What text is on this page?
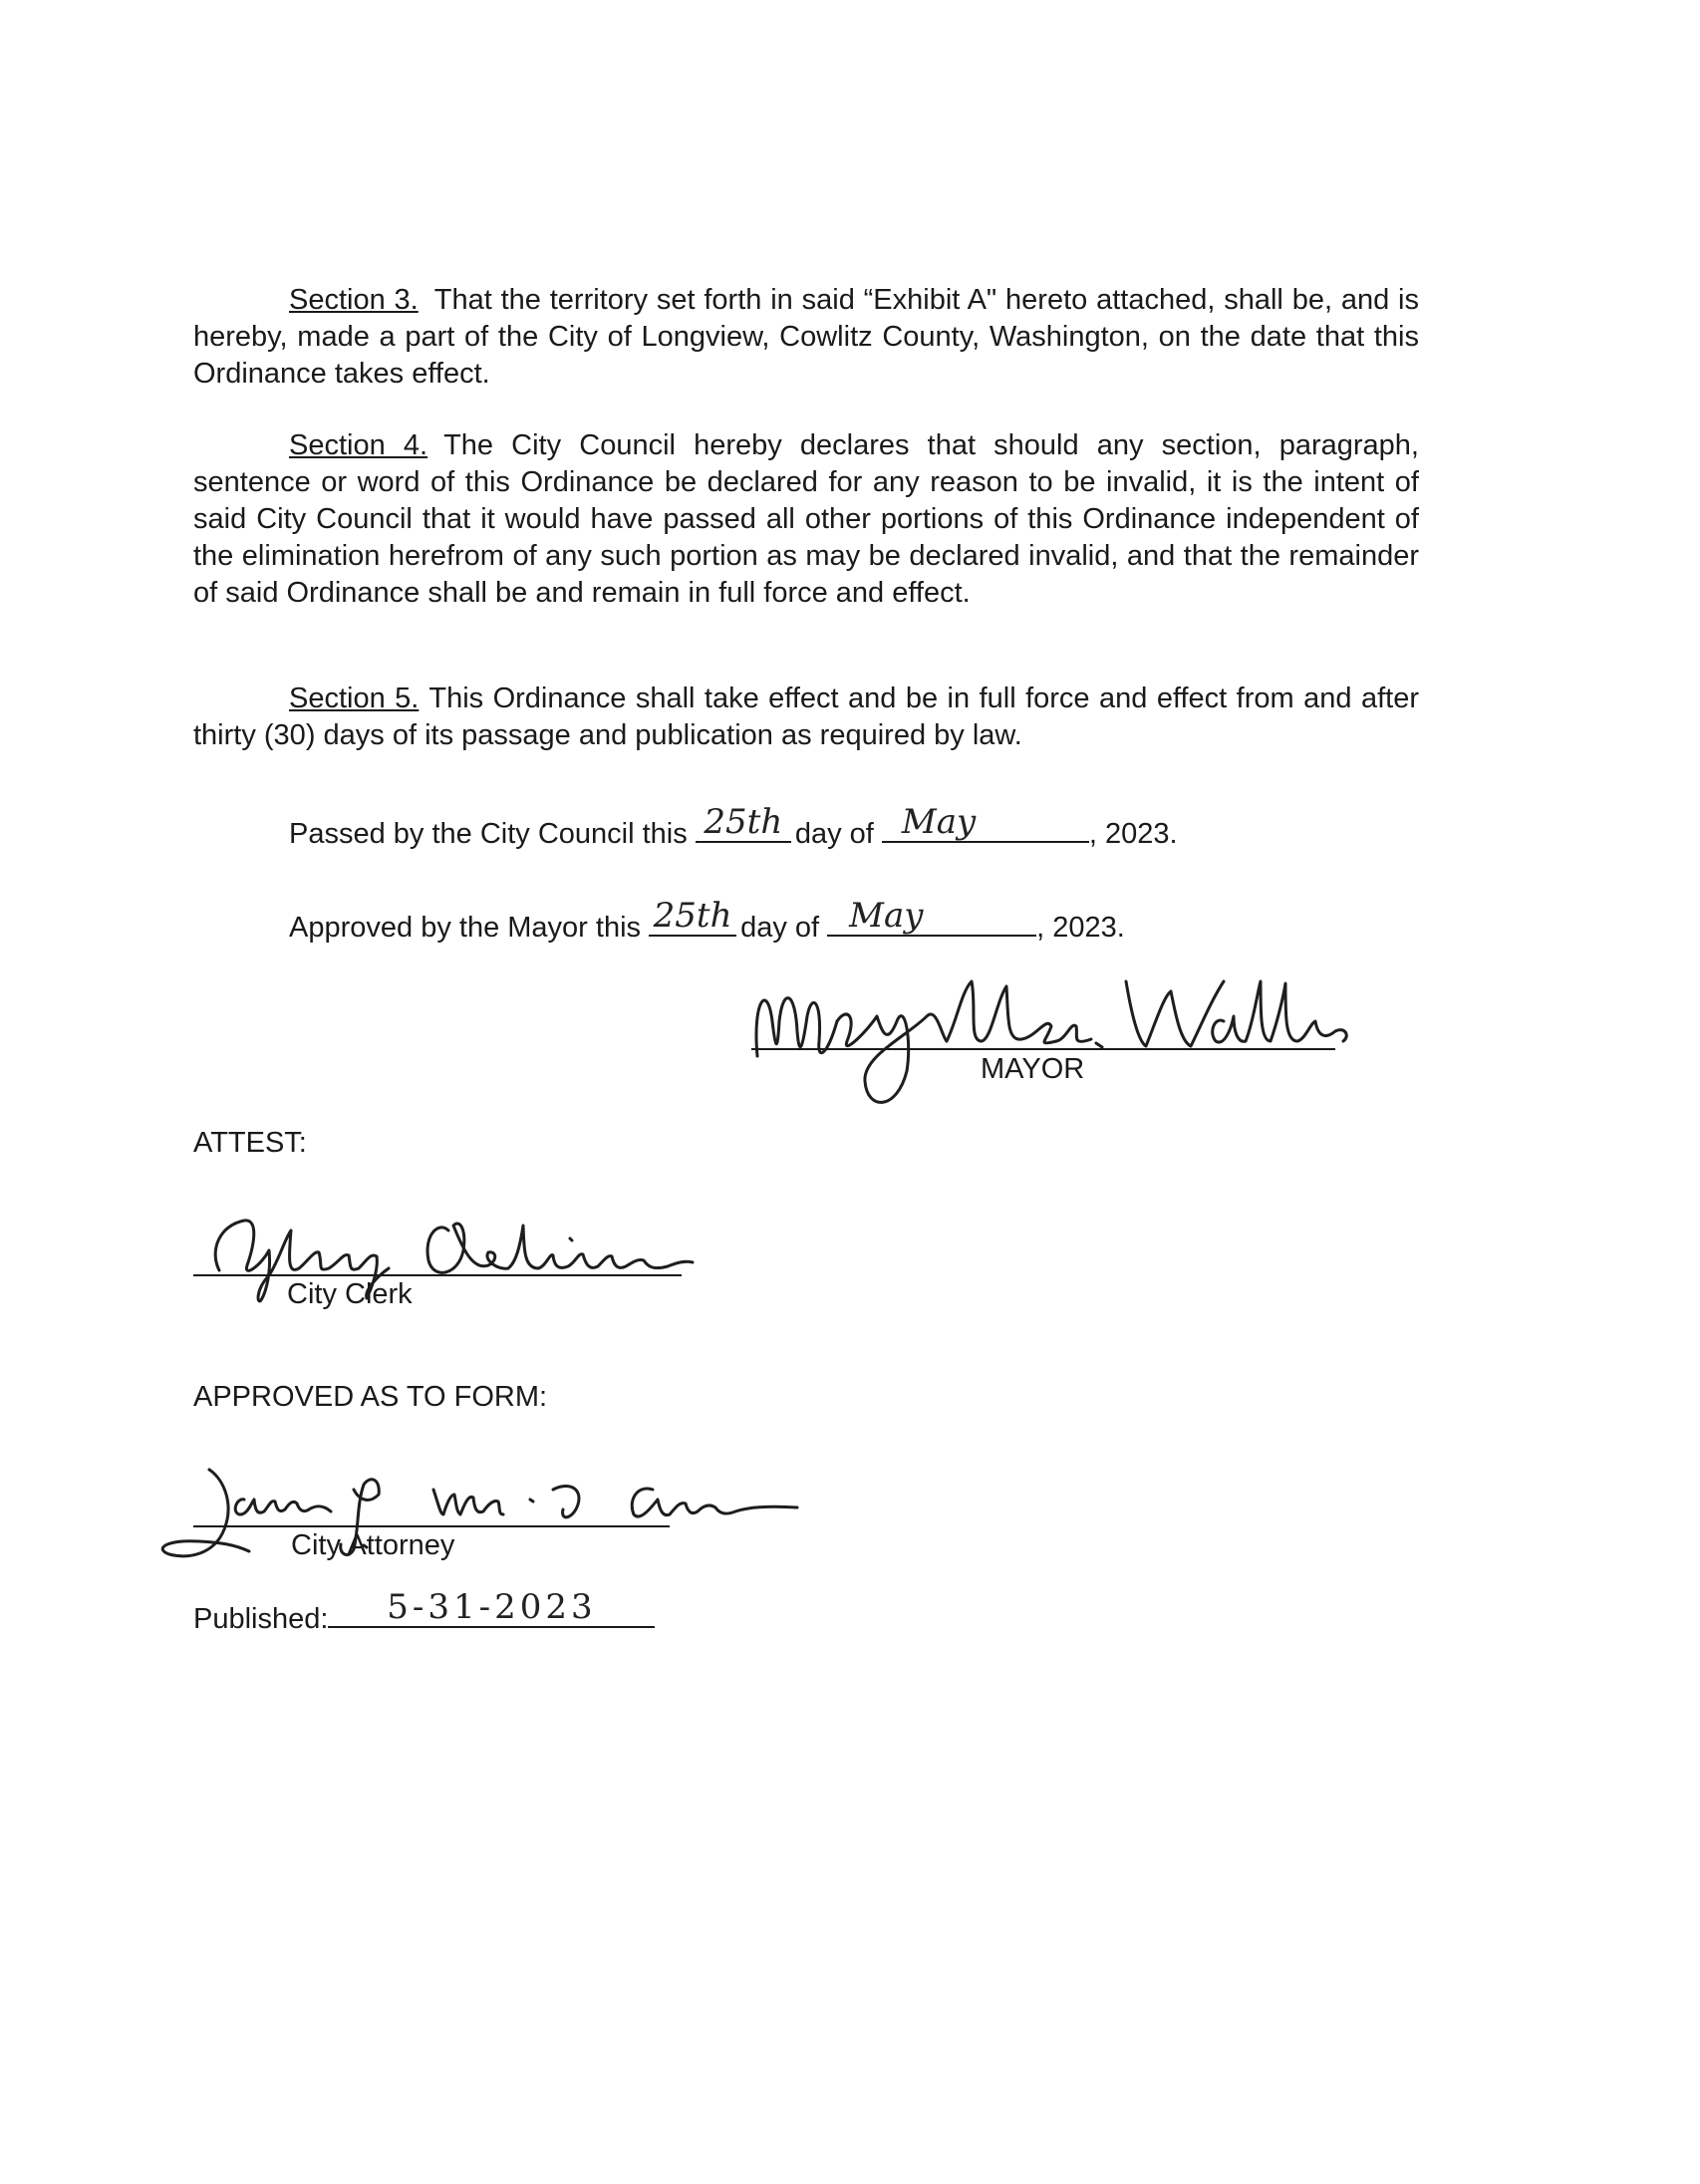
Section 3. That the territory set forth in said “Exhibit A" hereto attached, shall be, and is hereby, made a part of the City of Longview, Cowlitz County, Washington, on the date that this Ordinance takes effect.

Section 4. The City Council hereby declares that should any section, paragraph, sentence or word of this Ordinance be declared for any reason to be invalid, it is the intent of said City Council that it would have passed all other portions of this Ordinance independent of the elimination herefrom of any such portion as may be declared invalid, and that the remainder of said Ordinance shall be and remain in full force and effect.

Section 5. This Ordinance shall take effect and be in full force and effect from and after thirty (30) days of its passage and publication as required by law.

Passed by the City Council this 25th day of May	, 2023.
Approved by the Mayor this 25th day of May	, 2023.
MAYOR
ATTEST:
City Clerk
APPROVED AS TO FORM:
City Attorney
Published:	5-31-2023
